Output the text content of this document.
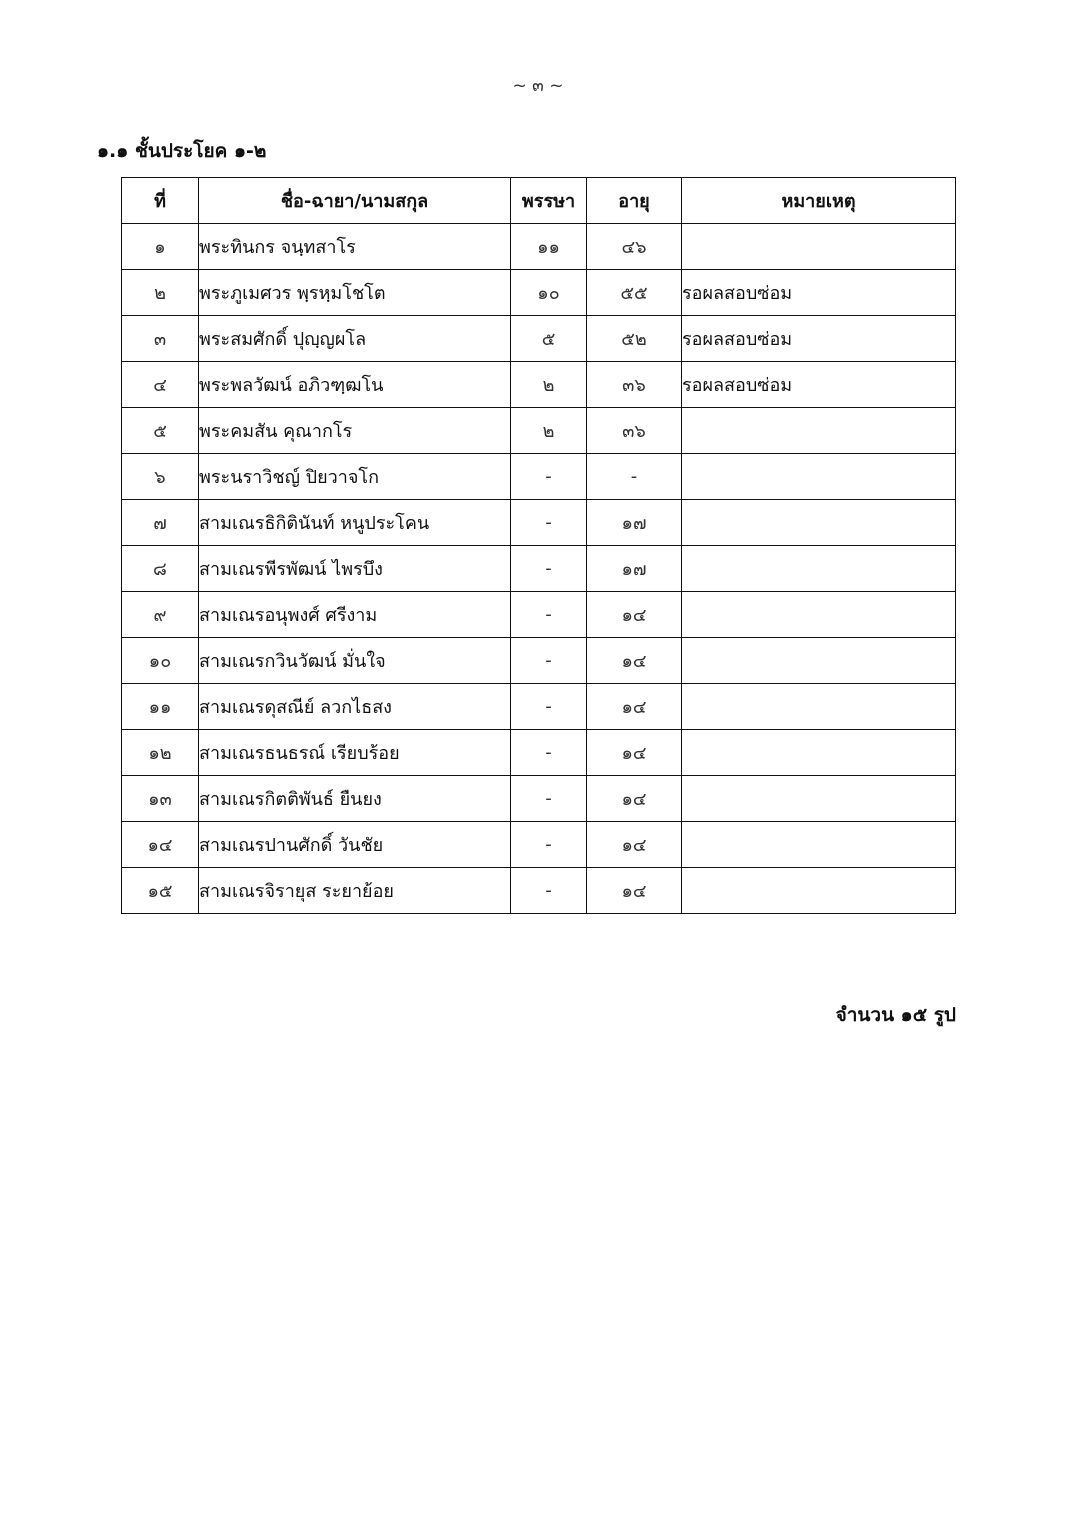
~ ๓ ~
๑.๑ ชั้นประโยค ๑-๒
ที่	ชื่อ-ฉายา/นามสกุล	พรรษา	อายุ	หมายเหตุ
๑	พระทินกร จนฺทสาโร	๑๑	๔๖	
๒	พระภูเมศวร พฺรหฺมโชโต	๑๐	๕๕	รอผลสอบซ่อม
๓	พระสมศักดิ์ ปุญฺญผโล	๕	๕๒	รอผลสอบซ่อม
๔	พระพลวัฒน์ อภิวฑฺฒโน	๒	๓๖	รอผลสอบซ่อม
๕	พระคมสัน คุณากโร	๒	๓๖	
๖	พระนราวิชญ์ ปิยวาจโก	-	-	
๗	สามเณรธิกิตินันท์ หนูประโคน	-	๑๗	
๘	สามเณรพีรพัฒน์ ไพรบึง	-	๑๗	
๙	สามเณรอนุพงศ์ ศรีงาม	-	๑๔	
๑๐	สามเณรกวินวัฒน์ มั่นใจ	-	๑๔	
๑๑	สามเณรดุสณีย์ ลวกไธสง	-	๑๔	
๑๒	สามเณรธนธรณ์ เรียบร้อย	-	๑๔	
๑๓	สามเณรกิตติพันธ์ ยืนยง	-	๑๔	
๑๔	สามเณรปานศักดิ์ วันชัย	-	๑๔	
๑๕	สามเณรจิรายุส ระยาย้อย	-	๑๔	
จำนวน ๑๕ รูป
